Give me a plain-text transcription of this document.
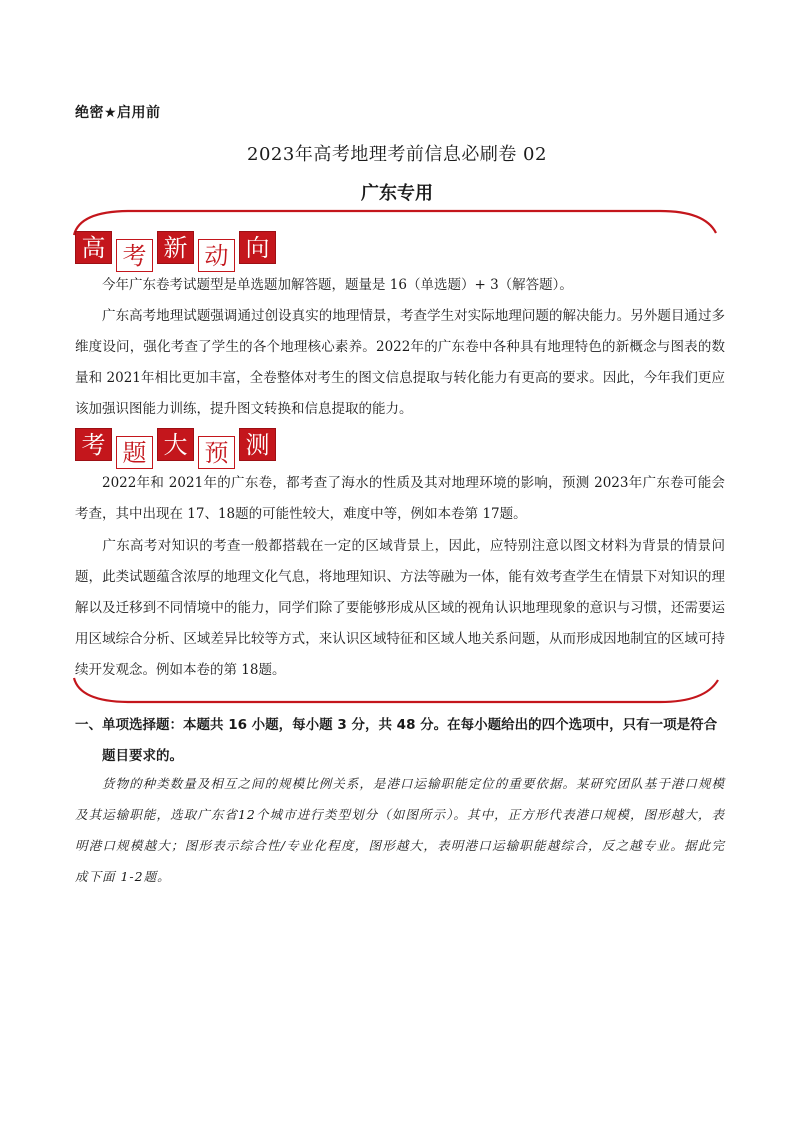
绝密★启用前
2023年高考地理考前信息必刷卷 02
广东专用
高 考 新 动 向
今年广东卷考试题型是单选题加解答题，题量是 16（单选题）+ 3（解答题）。
广东高考地理试题强调通过创设真实的地理情景，考查学生对实际地理问题的解决能力。另外题目通过多维度设问，强化考查了学生的各个地理核心素养。2022年的广东卷中各种具有地理特色的新概念与图表的数量和 2021年相比更加丰富，全卷整体对考生的图文信息提取与转化能力有更高的要求。因此，今年我们更应该加强识图能力训练，提升图文转换和信息提取的能力。
考 题 大 预 测
2022年和 2021年的广东卷，都考查了海水的性质及其对地理环境的影响，预测 2023年广东卷可能会考查，其中出现在 17、18题的可能性较大，难度中等，例如本卷第 17题。
广东高考对知识的考查一般都搭载在一定的区域背景上，因此，应特别注意以图文材料为背景的情景问题，此类试题蕴含浓厚的地理文化气息，将地理知识、方法等融为一体，能有效考查学生在情景下对知识的理解以及迁移到不同情境中的能力，同学们除了要能够形成从区域的视角认识地理现象的意识与习惯，还需要运用区域综合分析、区域差异比较等方式，来认识区域特征和区域人地关系问题，从而形成因地制宜的区域可持续开发观念。例如本卷的第 18题。
一、单项选择题：本题共 16 小题，每小题 3 分，共 48 分。在每小题给出的四个选项中，只有一项是符合
题目要求的。
货物的种类数量及相互之间的规模比例关系，是港口运输职能定位的重要依据。某研究团队基于港口规模及其运输职能，选取广东省12个城市进行类型划分（如图所示）。其中，正方形代表港口规模，图形越大，表明港口规模越大；图形表示综合性/专业化程度，图形越大，表明港口运输职能越综合，反之越专业。据此完成下面 1-2题。
